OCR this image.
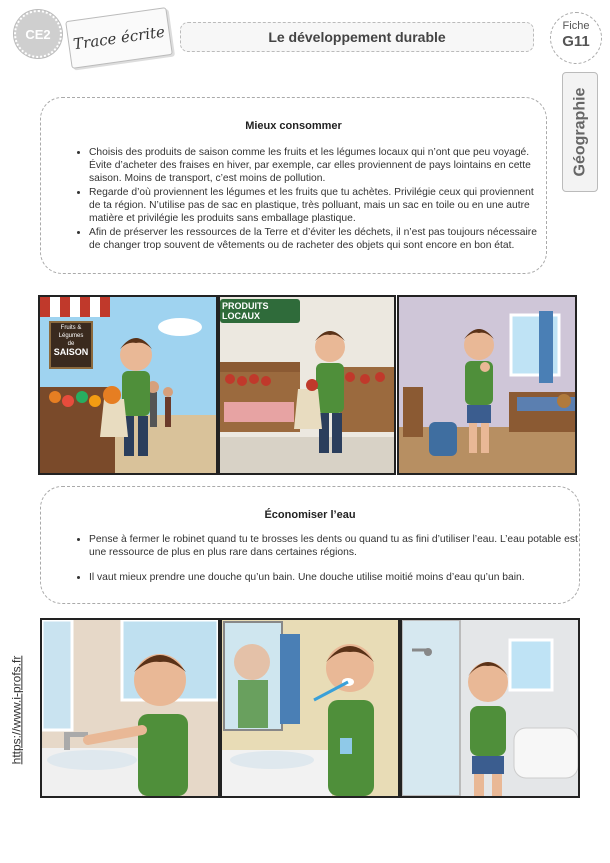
CE2 Trace écrite	Le développement durable
Fiche
G11
Géographie
Mieux consommer
• Choisis des produits de saison comme les fruits et les légumes locaux qui n’ont que peu voyagé. Évite d’acheter des fraises en hiver, par exemple, car elles proviennent de pays lointains en cette saison. Moins de transport, c’est moins de pollution.
• Regarde d’où proviennent les légumes et les fruits que tu achètes. Privilégie ceux qui proviennent de ta région. N’utilise pas de sac en plastique, très polluant, mais un sac en toile ou en une autre matière et privilégie les produits sans emballage plastique.
• Afin de préserver les ressources de la Terre et d’éviter les déchets, il n’est pas toujours nécessaire de changer trop souvent de vêtements ou de racheter des objets qui sont encore en bon état.
Fruits & Légumes
de
SAISON
PRODUITS LOCAUX
Économiser l’eau
• Pense à fermer le robinet quand tu te brosses les dents ou quand tu as fini d’utiliser l’eau. L’eau potable est une ressource de plus en plus rare dans certaines régions.
• Il vaut mieux prendre une douche qu’un bain. Une douche utilise moitié moins d’eau qu’un bain.
https://www.i-profs.fr
